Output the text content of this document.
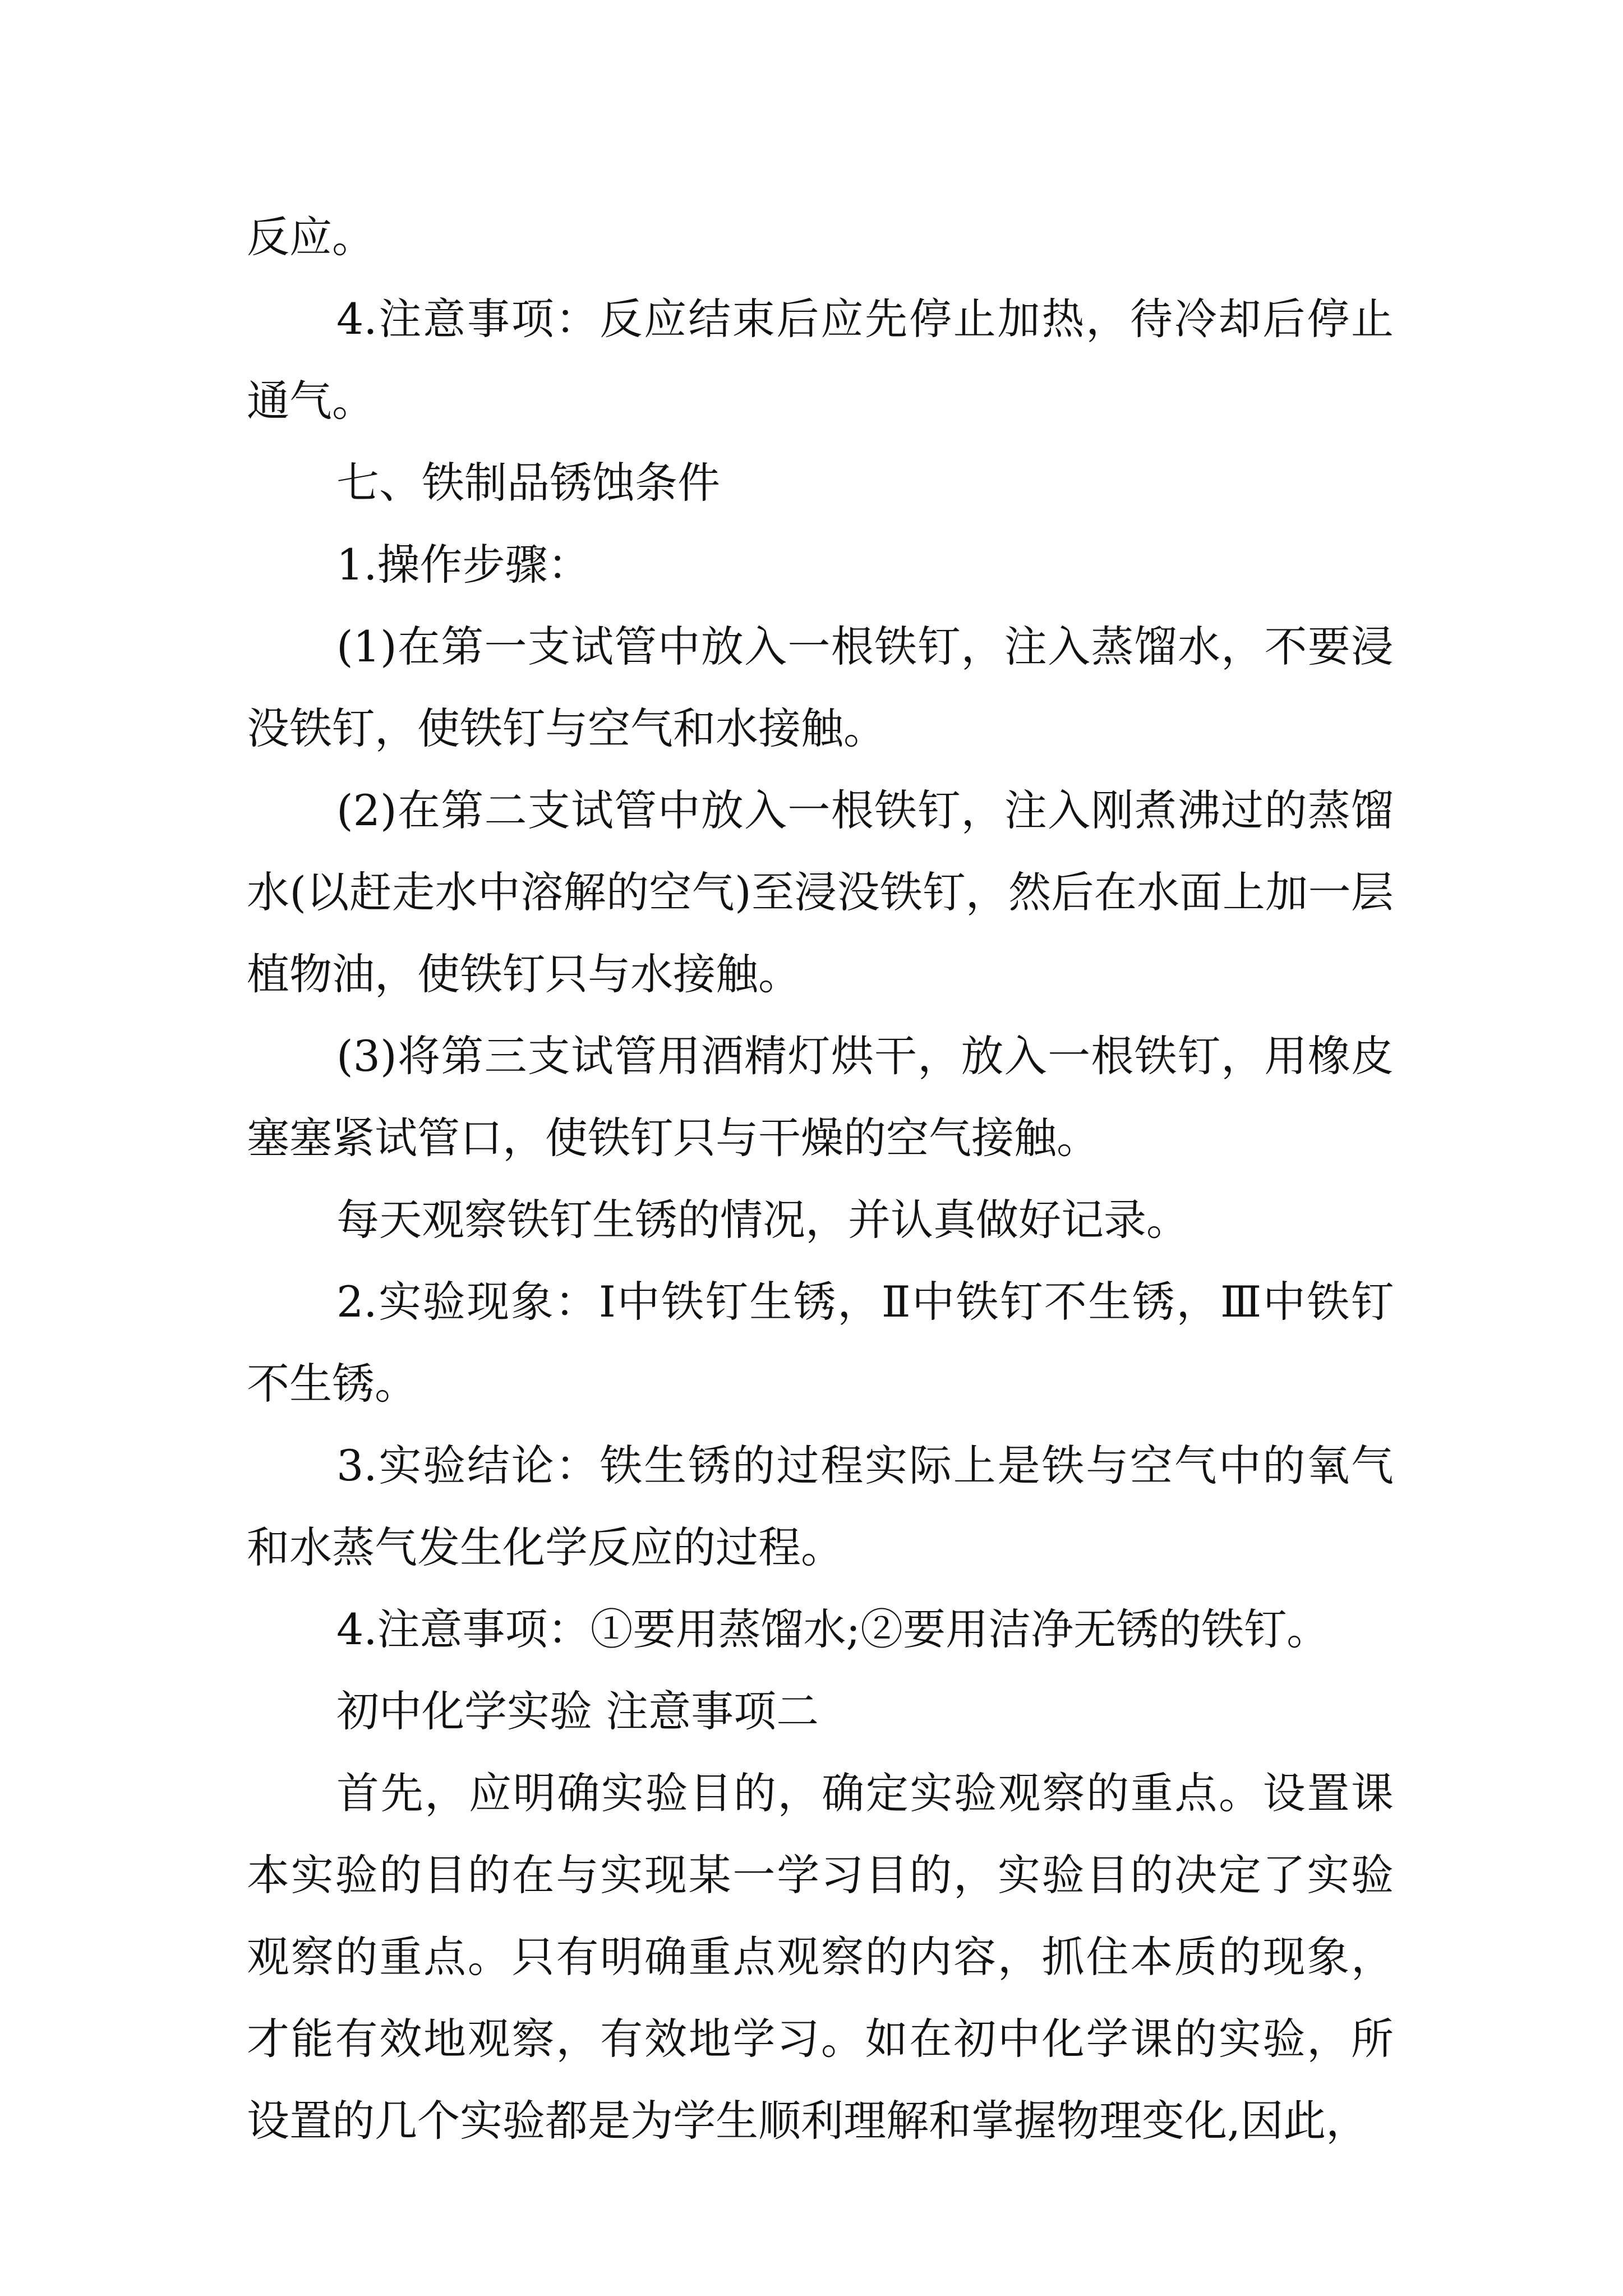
反应。

4.注意事项：反应结束后应先停止加热，待冷却后停止通气。

七、铁制品锈蚀条件

1.操作步骤：

(1)在第一支试管中放入一根铁钉，注入蒸馏水，不要浸没铁钉，使铁钉与空气和水接触。

(2)在第二支试管中放入一根铁钉，注入刚煮沸过的蒸馏水(以赶走水中溶解的空气)至浸没铁钉，然后在水面上加一层植物油，使铁钉只与水接触。

(3)将第三支试管用酒精灯烘干，放入一根铁钉，用橡皮塞塞紧试管口，使铁钉只与干燥的空气接触。

每天观察铁钉生锈的情况，并认真做好记录。

2.实验现象：Ⅰ中铁钉生锈，Ⅱ中铁钉不生锈，Ⅲ中铁钉不生锈。

3.实验结论：铁生锈的过程实际上是铁与空气中的氧气和水蒸气发生化学反应的过程。

4.注意事项：①要用蒸馏水;②要用洁净无锈的铁钉。

初中化学实验 注意事项二

首先，应明确实验目的，确定实验观察的重点。设置课本实验的目的在与实现某一学习目的，实验目的决定了实验观察的重点。只有明确重点观察的内容，抓住本质的现象，才能有效地观察，有效地学习。如在初中化学课的实验，所设置的几个实验都是为学生顺利理解和掌握物理变化,因此，
